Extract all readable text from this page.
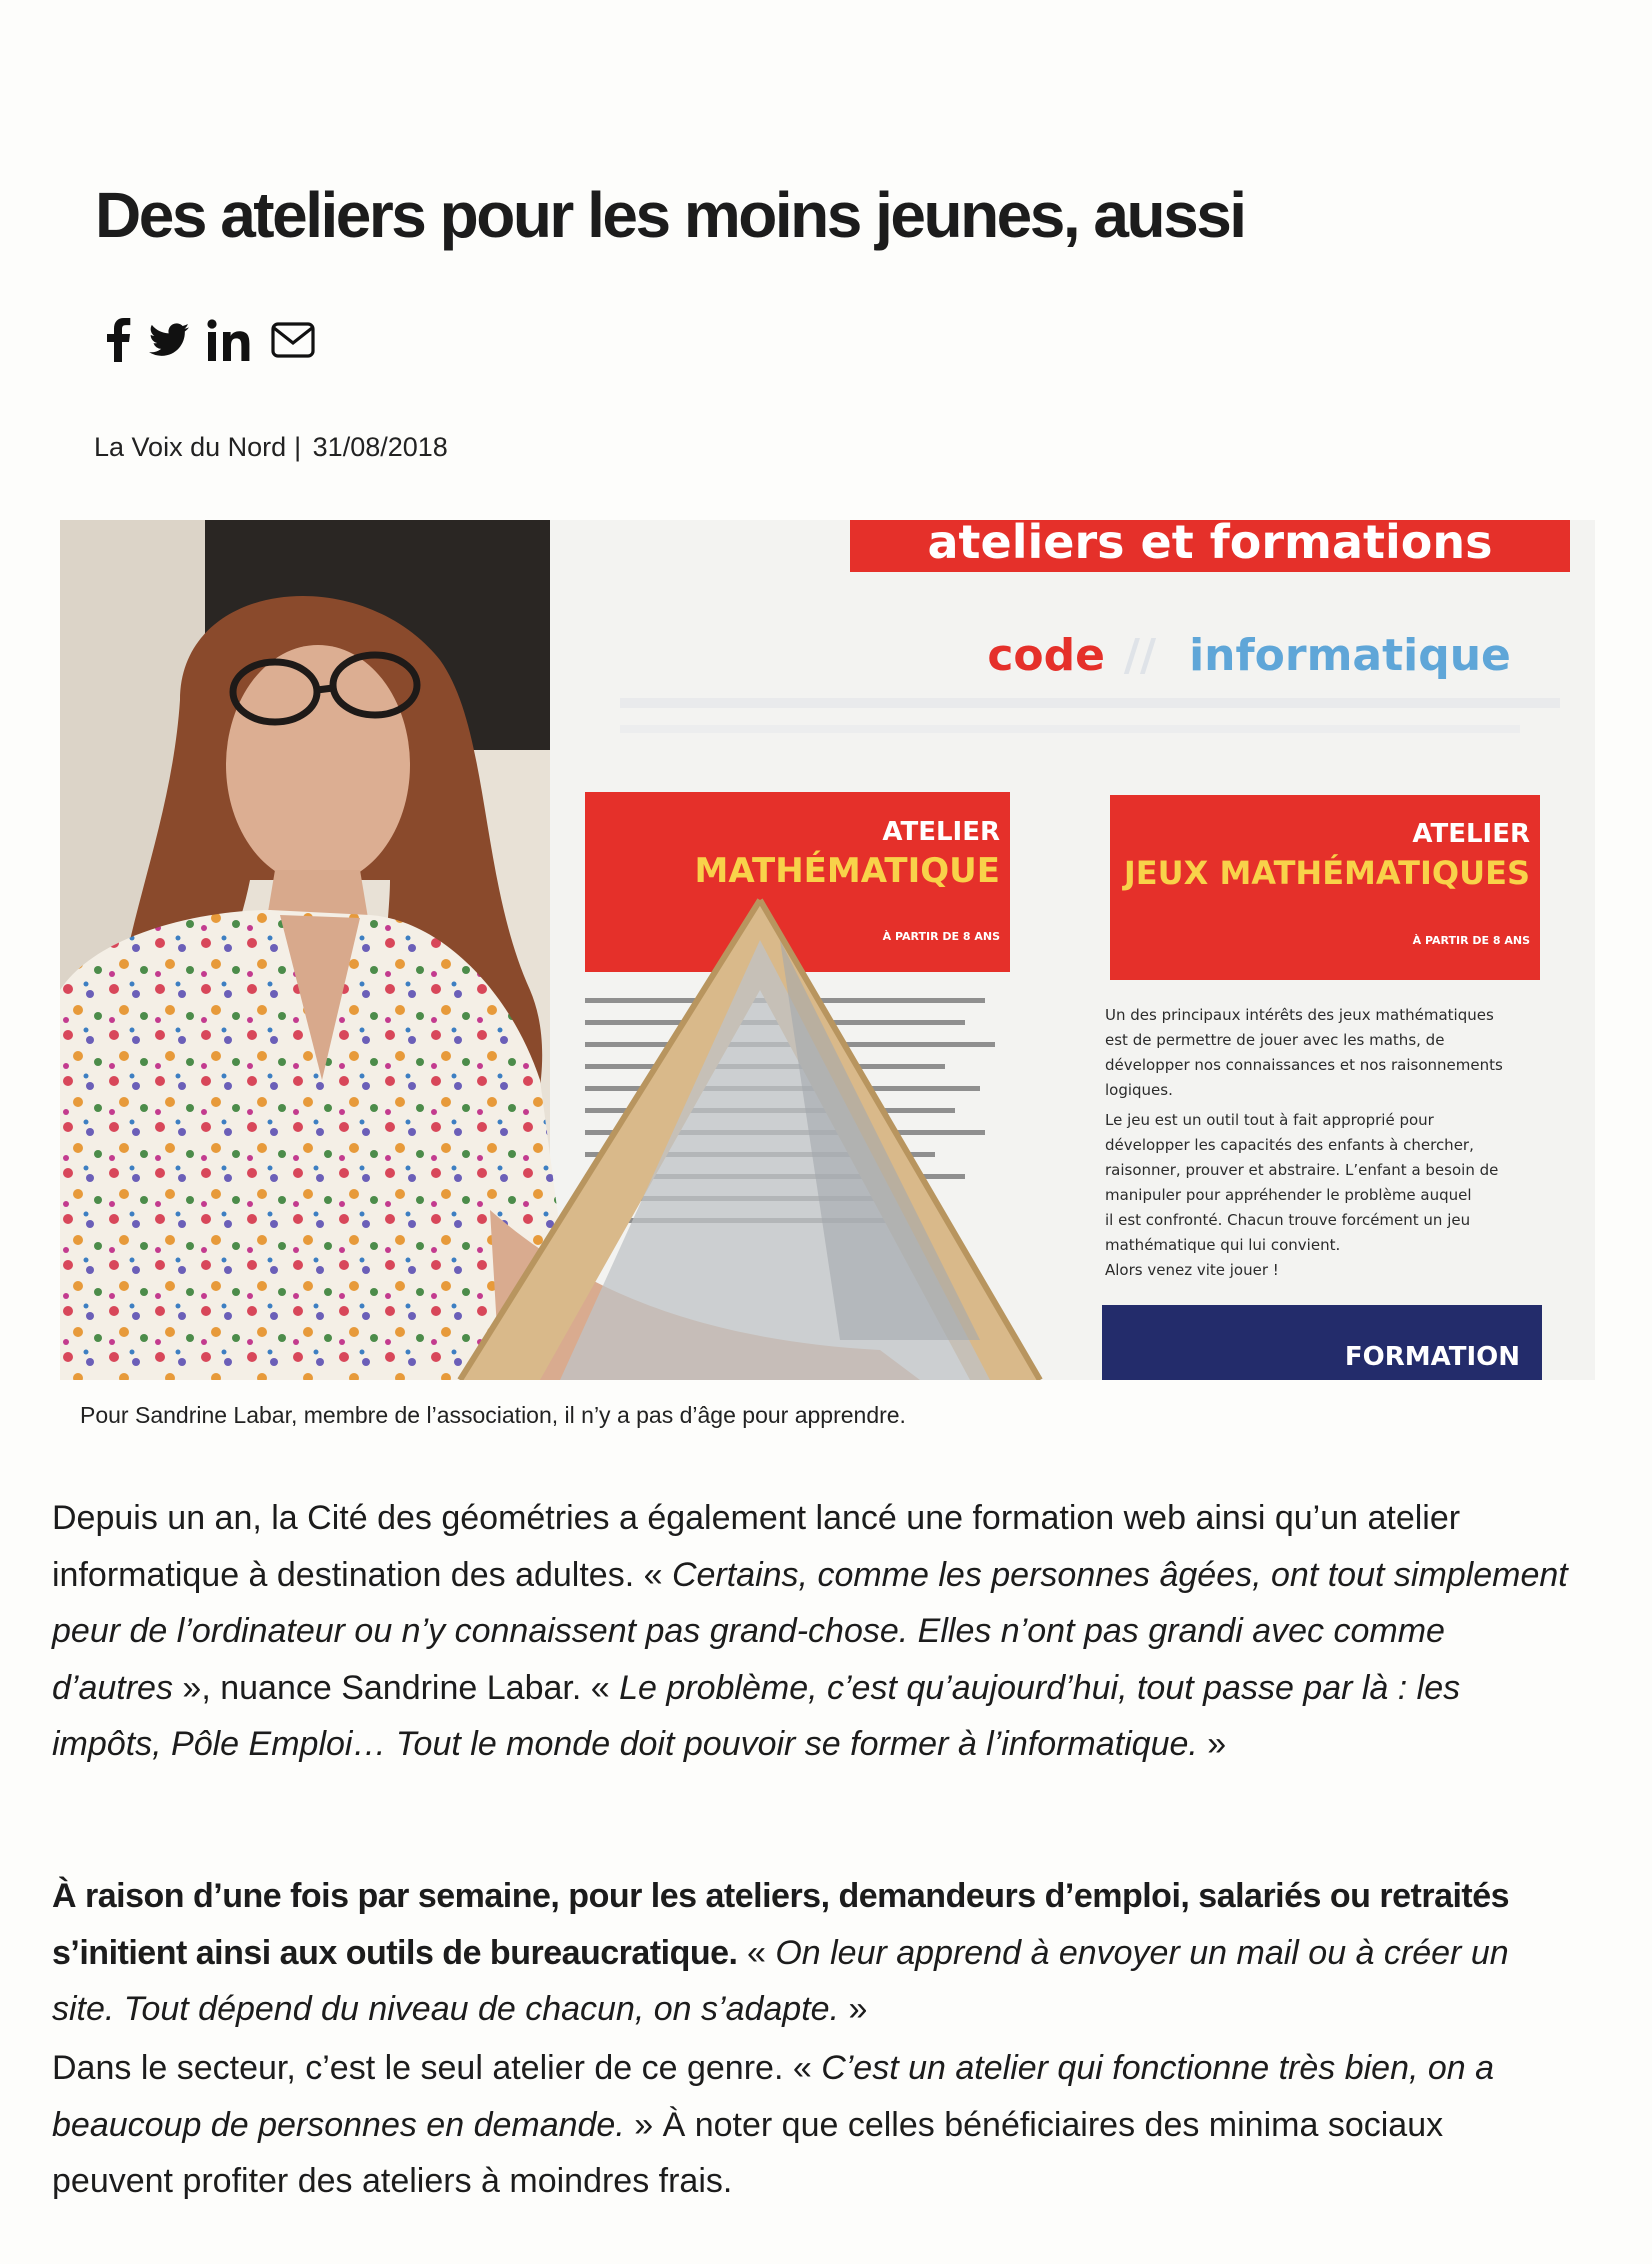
Des ateliers pour les moins jeunes, aussi
La Voix du Nord | 31/08/2018
ateliers et formations
code // informatique
ATELIER
MATHÉMATIQUE
À PARTIR DE 8 ANS
ATELIER
JEUX MATHÉMATIQUES
À PARTIR DE 8 ANS
Un des principaux intérêts des jeux mathématiques
est de permettre de jouer avec les maths, de
développer nos connaissances et nos raisonnements
logiques.
Le jeu est un outil tout à fait approprié pour
développer les capacités des enfants à chercher,
raisonner, prouver et abstraire. L’enfant a besoin de
manipuler pour appréhender le problème auquel
il est confronté. Chacun trouve forcément un jeu
mathématique qui lui convient.
Alors venez vite jouer !
FORMATION
Pour Sandrine Labar, membre de l’association, il n’y a pas d’âge pour apprendre.

Depuis un an, la Cité des géométries a également lancé une formation web ainsi qu’un atelier informatique à destination des adultes. « Certains, comme les personnes âgées, ont tout simplement peur de l’ordinateur ou n’y connaissent pas grand-chose. Elles n’ont pas grandi avec comme d’autres », nuance Sandrine Labar. « Le problème, c’est qu’aujourd’hui, tout passe par là : les impôts, Pôle Emploi… Tout le monde doit pouvoir se former à l’informatique. »

À raison d’une fois par semaine, pour les ateliers, demandeurs d’emploi, salariés ou retraités s’initient ainsi aux outils de bureaucratique. « On leur apprend à envoyer un mail ou à créer un site. Tout dépend du niveau de chacun, on s’adapte. »

Dans le secteur, c’est le seul atelier de ce genre. « C’est un atelier qui fonctionne très bien, on a beaucoup de personnes en demande. » À noter que celles bénéficiaires des minima sociaux peuvent profiter des ateliers à moindres frais.
